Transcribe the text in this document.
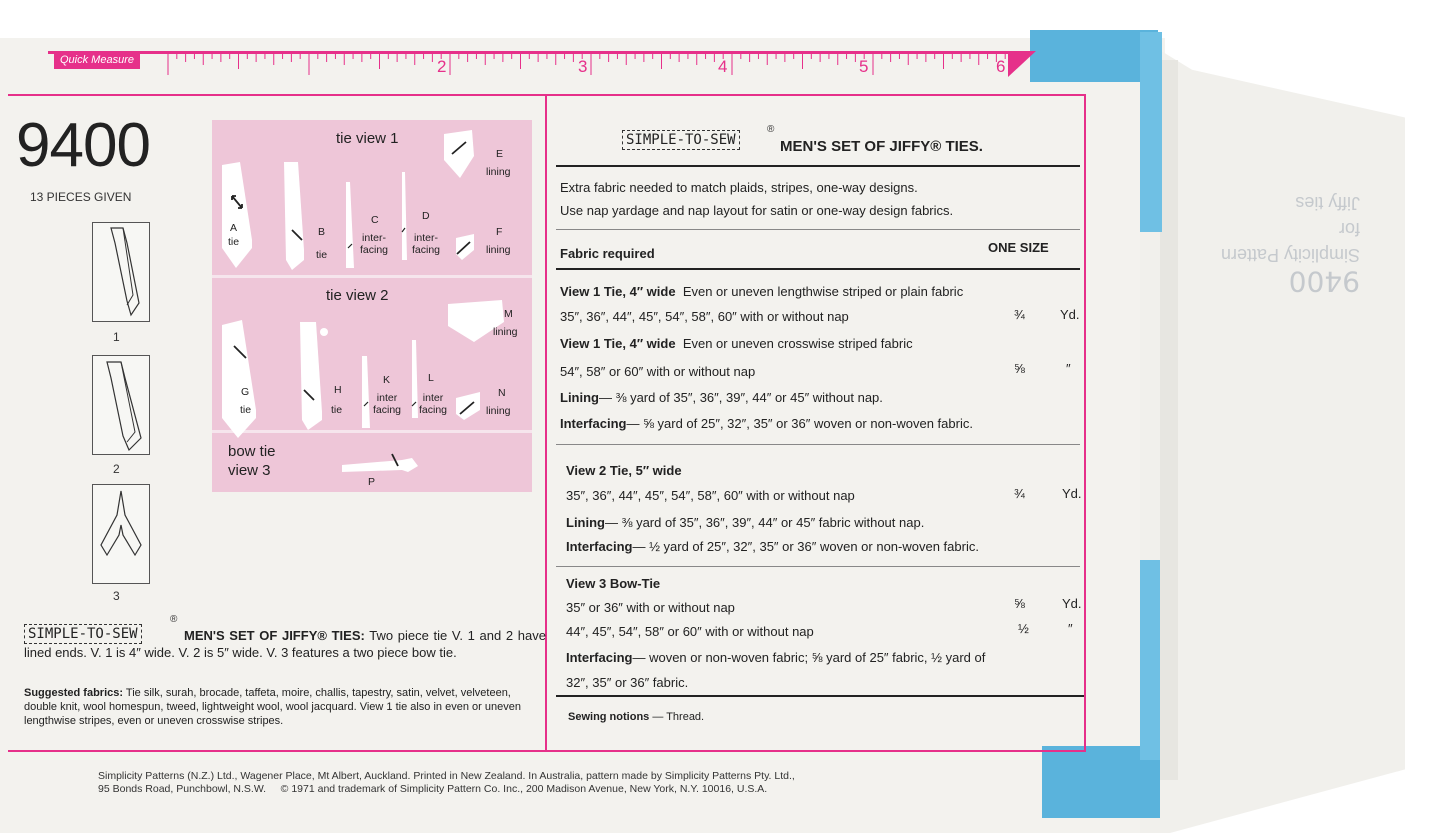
9400
Simplicity Pattern
for
Jiffy ties
Quick Measure	2	3	4	5	6
9400
13 PIECES GIVEN
1
2
3
tie view 1
A
tie
B
tie
C
inter-
facing
D
inter-
facing
E
lining
F
lining
tie view 2
G
tie
H
tie
K
inter
facing
L
inter
facing
M
lining
N
lining
bow tie
view 3
P
SIMPLE-TO-SEW
®
MEN'S SET OF JIFFY® TIES.
Extra fabric needed to match plaids, stripes, one-way designs.
Use nap yardage and nap layout for satin or one-way design fabrics.
Fabric required	ONE SIZE
View 1 Tie, 4″ wide Even or uneven lengthwise striped or plain fabric
35″, 36″, 44″, 45″, 54″, 58″, 60″ with or without nap	¾	Yd.
View 1 Tie, 4″ wide Even or uneven crosswise striped fabric
54″, 58″ or 60″ with or without nap	⅝	″
Lining— ⅜ yard of 35″, 36″, 39″, 44″ or 45″ without nap.
Interfacing— ⅝ yard of 25″, 32″, 35″ or 36″ woven or non-woven fabric.
View 2 Tie, 5″ wide
35″, 36″, 44″, 45″, 54″, 58″, 60″ with or without nap	¾	Yd.
Lining— ⅜ yard of 35″, 36″, 39″, 44″ or 45″ fabric without nap.
Interfacing— ½ yard of 25″, 32″, 35″ or 36″ woven or non-woven fabric.
View 3 Bow-Tie
35″ or 36″ with or without nap	⅝	Yd.
44″, 45″, 54″, 58″ or 60″ with or without nap	½	″
Interfacing— woven or non-woven fabric; ⅝ yard of 25″ fabric, ½ yard of
32″, 35″ or 36″ fabric.
Sewing notions — Thread.
SIMPLE-TO-SEW
®
MEN'S SET OF JIFFY® TIES: Two piece tie V. 1 and 2 have lined ends. V. 1 is 4″ wide. V. 2 is 5″ wide. V. 3 features a two piece bow tie.
Suggested fabrics: Tie silk, surah, brocade, taffeta, moire, challis, tapestry, satin, velvet, velveteen, double knit, wool homespun, tweed, lightweight wool, wool jacquard. View 1 tie also in even or uneven lengthwise stripes, even or uneven crosswise stripes.
Simplicity Patterns (N.Z.) Ltd., Wagener Place, Mt Albert, Auckland. Printed in New Zealand. In Australia, pattern made by Simplicity Patterns Pty. Ltd.,
95 Bonds Road, Punchbowl, N.S.W.     © 1971 and trademark of Simplicity Pattern Co. Inc., 200 Madison Avenue, New York, N.Y. 10016, U.S.A.
